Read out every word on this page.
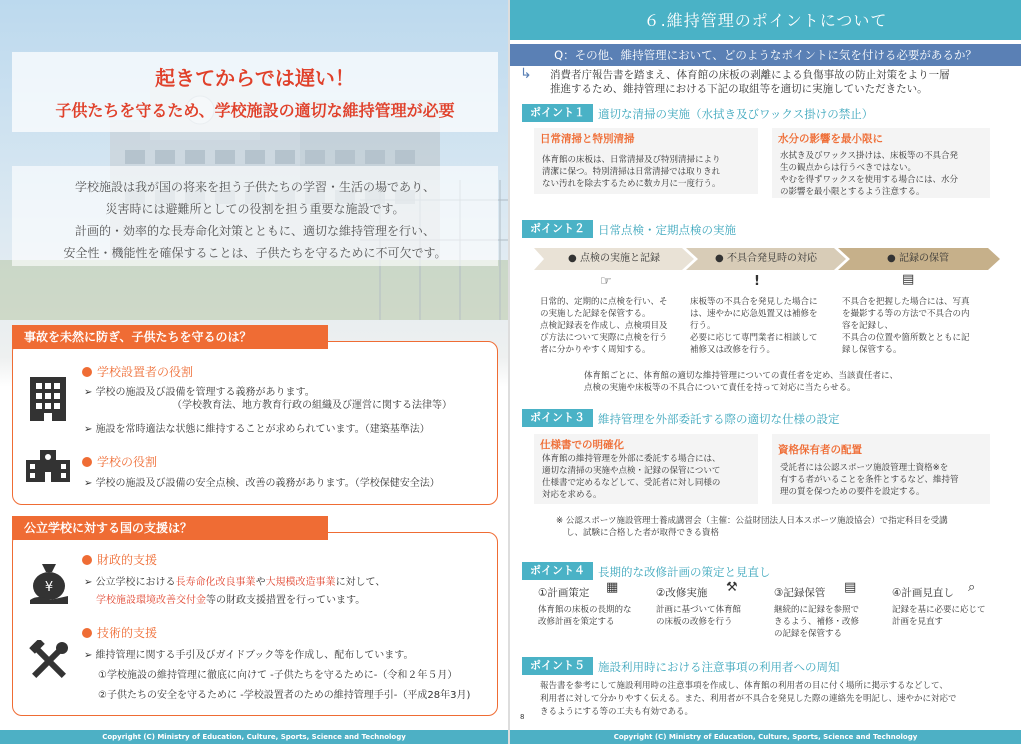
起きてからでは遅い！
子供たちを守るため、学校施設の適切な維持管理が必要
学校施設は我が国の将来を担う子供たちの学習・生活の場であり、
災害時には避難所としての役割を担う重要な施設です。
計画的・効率的な長寿命化対策とともに、適切な維持管理を行い、
安全性・機能性を確保することは、子供たちを守るために不可欠です。
事故を未然に防ぎ、子供たちを守るのは？
学校設置者の役割
➢ 学校の施設及び設備を管理する義務があります。
（学校教育法、地方教育行政の組織及び運営に関する法律等）
➢ 施設を常時適法な状態に維持することが求められています。（建築基準法）
学校の役割
➢ 学校の施設及び設備の安全点検、改善の義務があります。（学校保健安全法）
公立学校に対する国の支援は？
¥
財政的支援
➢ 公立学校における長寿命化改良事業や大規模改造事業に対して、
学校施設環境改善交付金等の財政支援措置を行っています。
技術的支援
➢ 維持管理に関する手引及びガイドブック等を作成し、配布しています。
①学校施設の維持管理に徹底に向けて -子供たちを守るために-（令和２年５月）
②子供たちの安全を守るために -学校設置者のための維持管理手引-（平成28年3月)
Copyright (C) Ministry of Education, Culture, Sports, Science and Technology
６.維持管理のポイントについて
Q：その他、維持管理において、どのようなポイントに気を付ける必要があるか？
↳ 消費者庁報告書を踏まえ、体育館の床板の剥離による負傷事故の防止対策をより一層
推進するため、維持管理における下記の取組等を適切に実施していただきたい。
ポイント１	適切な清掃の実施（水拭き及びワックス掛けの禁止）
日常清掃と特別清掃
体育館の床板は、日常清掃及び特別清掃により
清潔に保つ。特別清掃は日常清掃では取りきれ
ない汚れを除去するために数カ月に一度行う。
水分の影響を最小限に
水拭き及びワックス掛けは、床板等の不具合発
生の観点からは行うべきではない。
やむを得ずワックスを使用する場合には、水分
の影響を最小限とするよう注意する。
ポイント２	日常点検・定期点検の実施
● 点検の実施と記録	● 不具合発見時の対応	● 記録の保管
☞	!	▤
日常的、定期的に点検を行い、そ
の実施した記録を保管する。
点検記録表を作成し、点検項目及
び方法について実際に点検を行う
者に分かりやすく周知する。
床板等の不具合を発見した場合に
は、速やかに応急処置又は補修を
行う。
必要に応じて専門業者に相談して
補修又は改修を行う。
不具合を把握した場合には、写真
を撮影する等の方法で不具合の内
容を記録し、
不具合の位置や箇所数とともに記
録し保管する。
体育館ごとに、体育館の適切な維持管理についての責任者を定め、当該責任者に、
点検の実施や床板等の不具合について責任を持って対応に当たらせる。
ポイント３	維持管理を外部委託する際の適切な仕様の設定
仕様書での明確化
体育館の維持管理を外部に委託する場合には、
適切な清掃の実施や点検・記録の保管について
仕様書で定めるなどして、受託者に対し同様の
対応を求める。
資格保有者の配置
受託者には公認スポーツ施設管理士資格※を
有する者がいることを条件とするなど、維持管
理の質を保つための要件を設定する。
※ 公認スポーツ施設管理士養成講習会（主催：公益財団法人日本スポーツ施設協会）で指定科目を受講
し、試験に合格した者が取得できる資格
ポイント４	長期的な改修計画の策定と見直し
①計画策定 ▦
体育館の床板の長期的な
改修計画を策定する
②改修実施 ⚒
計画に基づいて体育館
の床板の改修を行う
③記録保管 ▤
継続的に記録を参照で
きるよう、補修・改修
の記録を保管する
④計画見直し ⌕
記録を基に必要に応じて
計画を見直す
ポイント５	施設利用時における注意事項の利用者への周知
報告書を参考にして施設利用時の注意事項を作成し、体育館の利用者の目に付く場所に掲示するなどして、
利用者に対して分かりやすく伝える。また、利用者が不具合を発見した際の連絡先を明記し、速やかに対応で
きるようにする等の工夫も有効である。
8
Copyright (C) Ministry of Education, Culture, Sports, Science and Technology
